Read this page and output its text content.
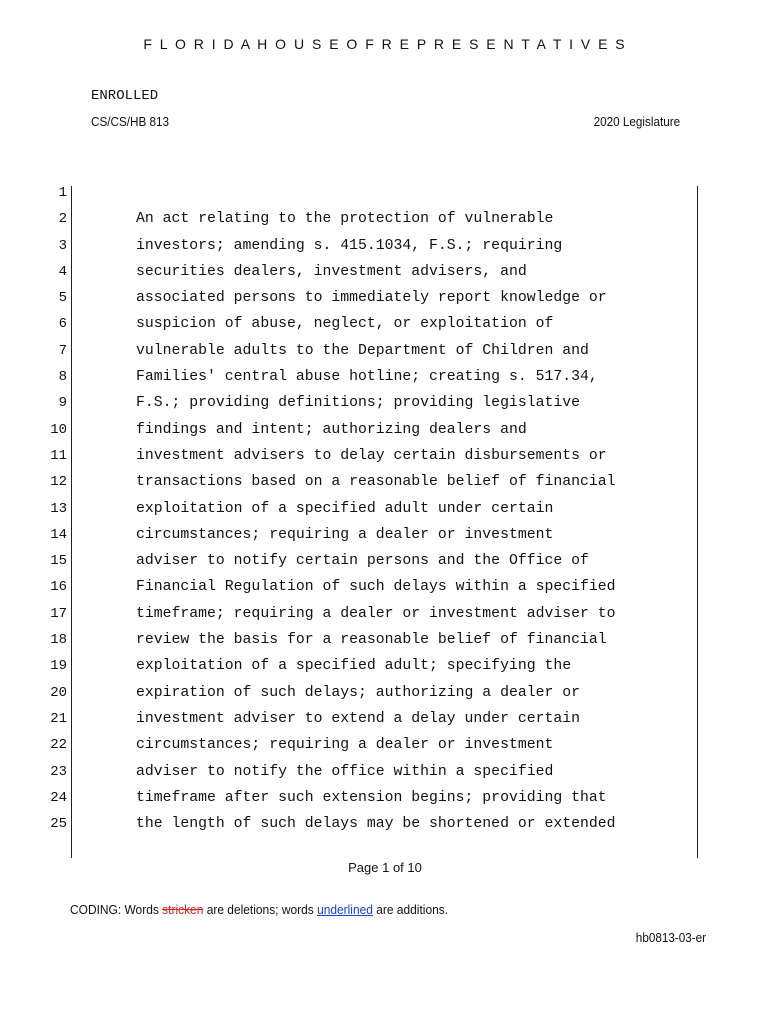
F L O R I D A H O U S E O F R E P R E S E N T A T I V E S
ENROLLED
CS/CS/HB 813	2020 Legislature
1
2	An act relating to the protection of vulnerable
3	investors; amending s. 415.1034, F.S.; requiring
4	securities dealers, investment advisers, and
5	associated persons to immediately report knowledge or
6	suspicion of abuse, neglect, or exploitation of
7	vulnerable adults to the Department of Children and
8	Families' central abuse hotline; creating s. 517.34,
9	F.S.; providing definitions; providing legislative
10	findings and intent; authorizing dealers and
11	investment advisers to delay certain disbursements or
12	transactions based on a reasonable belief of financial
13	exploitation of a specified adult under certain
14	circumstances; requiring a dealer or investment
15	adviser to notify certain persons and the Office of
16	Financial Regulation of such delays within a specified
17	timeframe; requiring a dealer or investment adviser to
18	review the basis for a reasonable belief of financial
19	exploitation of a specified adult; specifying the
20	expiration of such delays; authorizing a dealer or
21	investment adviser to extend a delay under certain
22	circumstances; requiring a dealer or investment
23	adviser to notify the office within a specified
24	timeframe after such extension begins; providing that
25	the length of such delays may be shortened or extended
Page 1 of 10
CODING: Words stricken are deletions; words underlined are additions.
hb0813-03-er
